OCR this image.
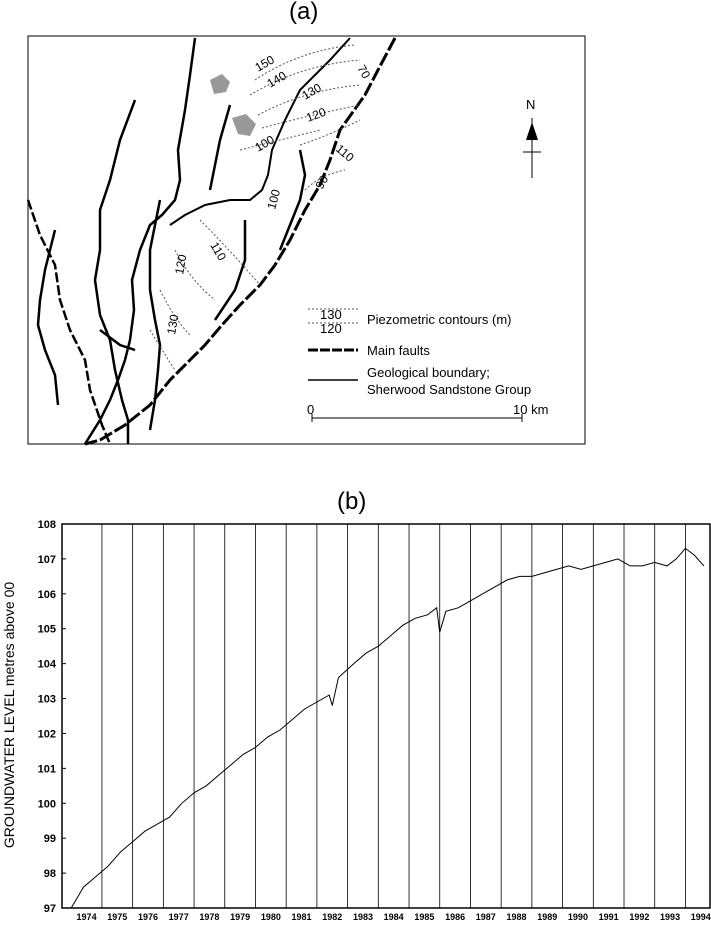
(a)
150
140
130
120
100	110
90
100
110
120
130
70
N
130
120
Piezometric contours (m)
Main faults
Geological boundary;
Sherwood Sandstone Group
0	10 km
(b)
GROUNDWATER LEVEL metres above 00
97
98
99
100
101
102
103
104
105
106
107
108
1974 1975 1976 1977 1978 1979 1980 1981 1982 1983 1984 1985 1986 1987 1988 1989 1990 1991 1992 1993 1994
